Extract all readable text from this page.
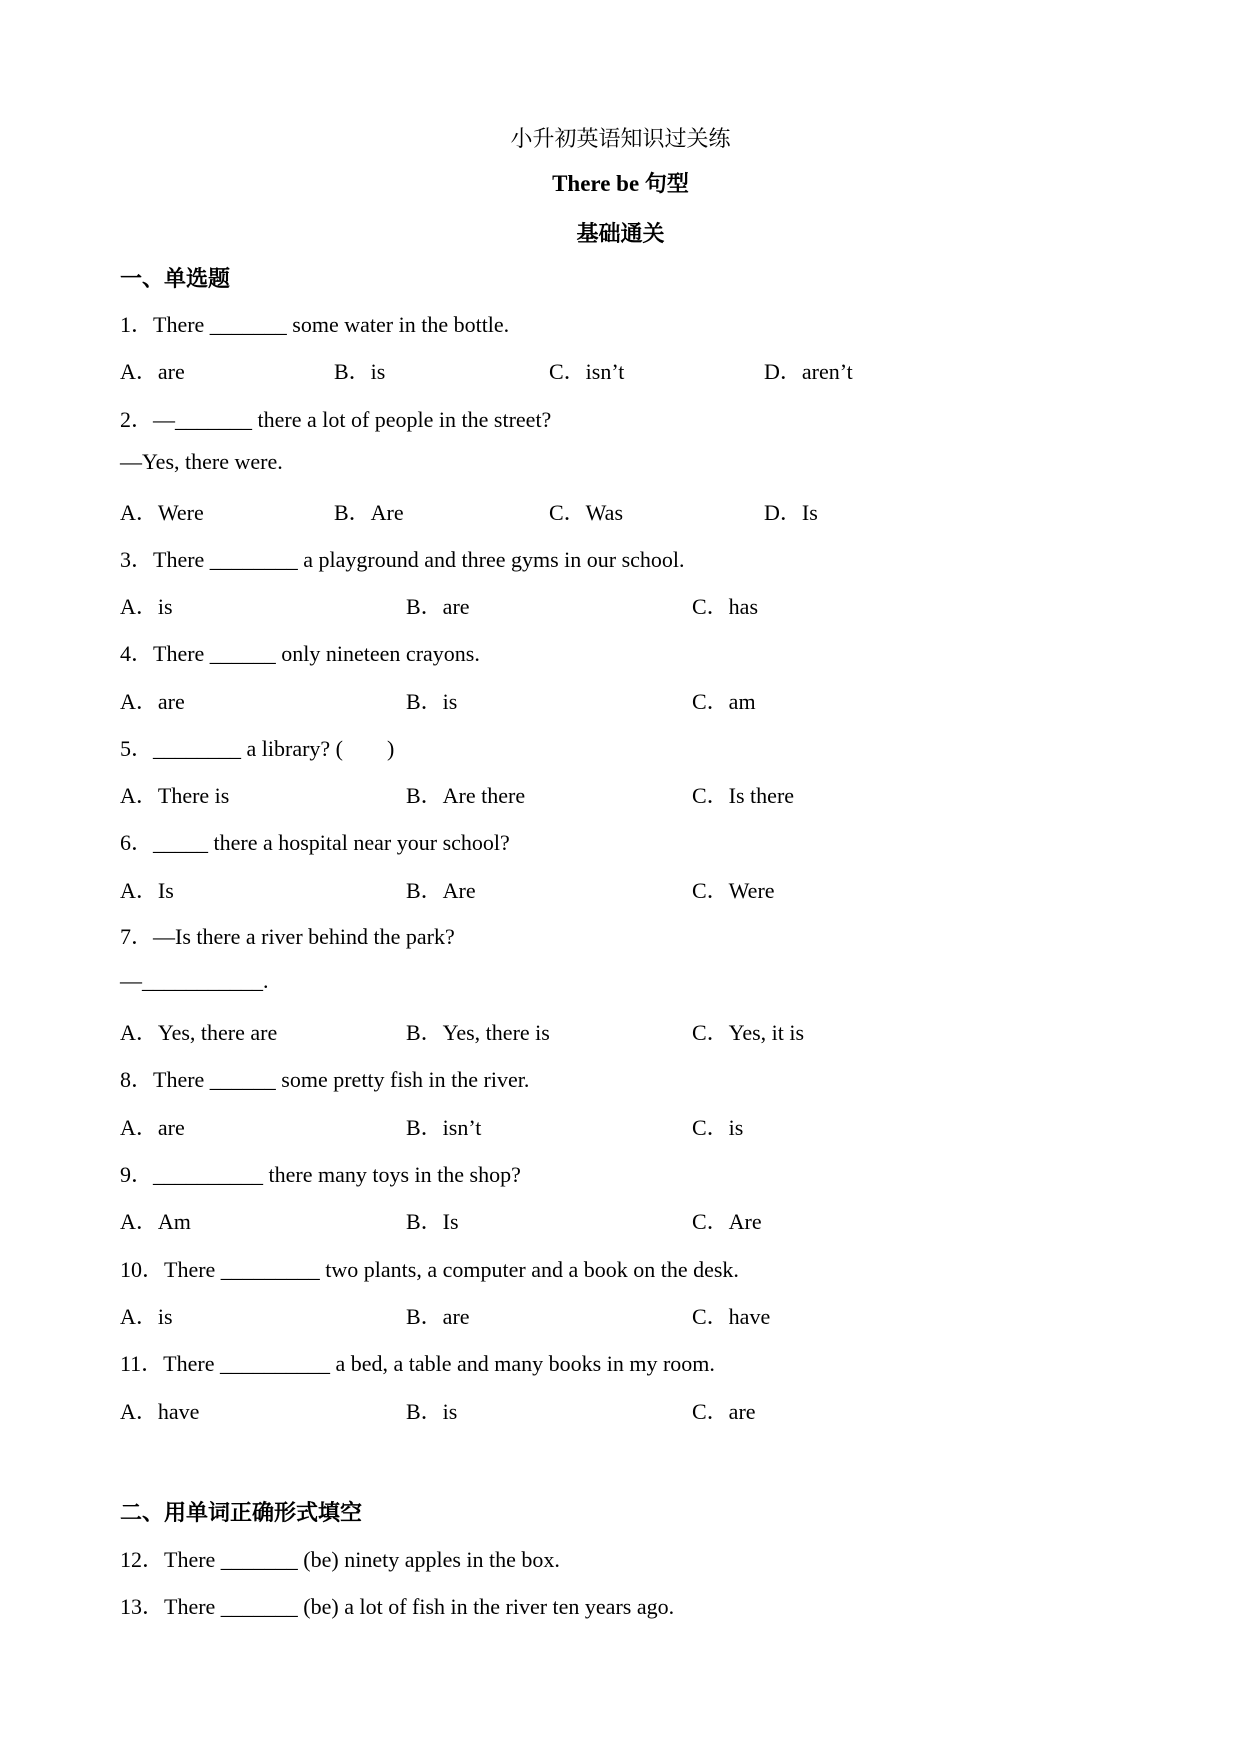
小升初英语知识过关练
There be 句型
基础通关
一、单选题
1．There _______ some water in the bottle.
A．are	B．is	C．isn’t	D．aren’t
2．—_______ there a lot of people in the street?
—Yes, there were.
A．Were	B．Are	C．Was	D．Is
3．There ________ a playground and three gyms in our school.
A．is	B．are	C．has
4．There ______ only nineteen crayons.
A．are	B．is	C．am
5．________ a library? (        )
A．There is	B．Are there	C．Is there
6．_____ there a hospital near your school?
A．Is	B．Are	C．Were
7．—Is there a river behind the park?
—___________.
A．Yes, there are	B．Yes, there is	C．Yes, it is
8．There ______ some pretty fish in the river.
A．are	B．isn’t	C．is
9．__________ there many toys in the shop?
A．Am	B．Is	C．Are
10．There _________ two plants, a computer and a book on the desk.
A．is	B．are	C．have
11．There __________ a bed, a table and many books in my room.
A．have	B．is	C．are
二、用单词正确形式填空
12．There _______ (be) ninety apples in the box.
13．There _______ (be) a lot of fish in the river ten years ago.
